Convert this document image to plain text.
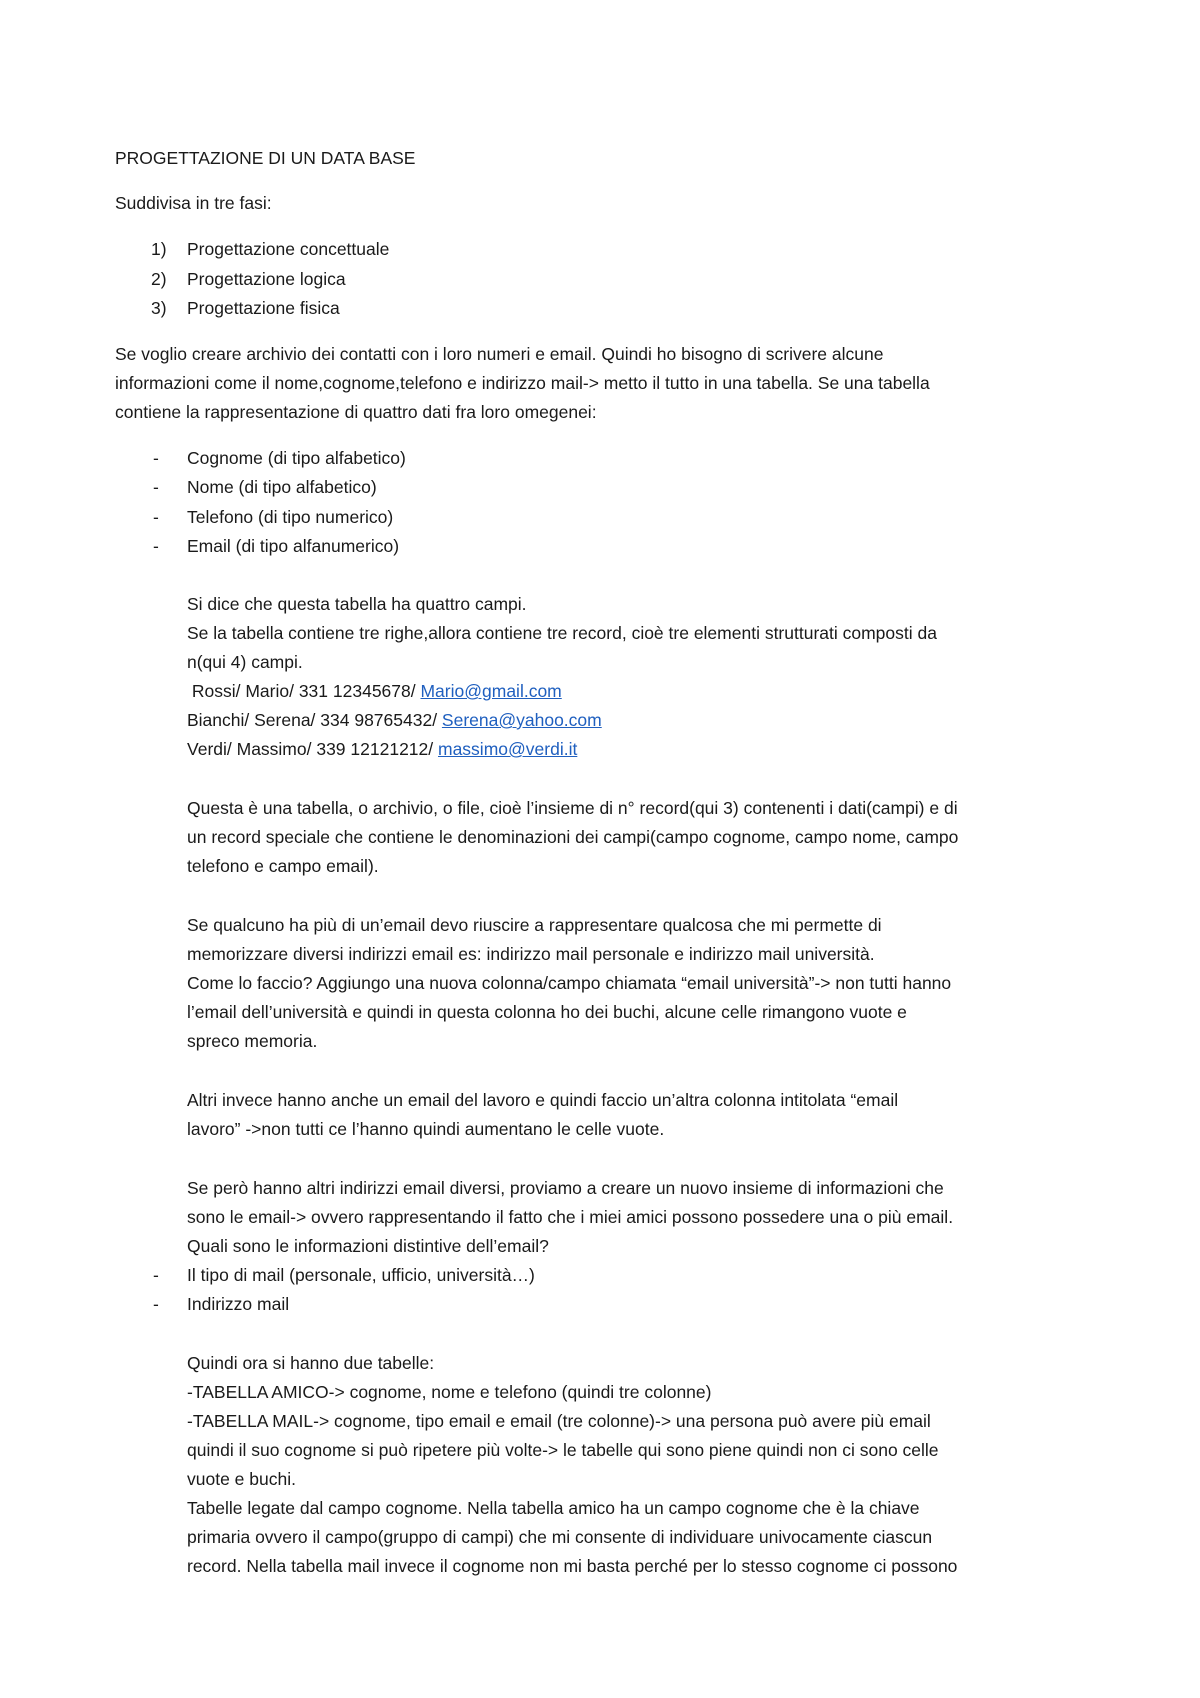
PROGETTAZIONE DI UN DATA BASE
Suddivisa in tre fasi:
1) Progettazione concettuale
2) Progettazione logica
3) Progettazione fisica
Se voglio creare archivio dei contatti con i loro numeri e email. Quindi ho bisogno di scrivere alcune
informazioni come il nome,cognome,telefono e indirizzo mail-> metto il tutto in una tabella. Se una tabella
contiene la rappresentazione di quattro dati fra loro omegenei:
- Cognome (di tipo alfabetico)
- Nome (di tipo alfabetico)
- Telefono (di tipo numerico)
- Email (di tipo alfanumerico)
Si dice che questa tabella ha quattro campi.
Se la tabella contiene tre righe,allora contiene tre record, cioè tre elementi strutturati composti da
n(qui 4) campi.
Rossi/ Mario/ 331 12345678/ Mario@gmail.com
Bianchi/ Serena/ 334 98765432/ Serena@yahoo.com
Verdi/ Massimo/ 339 12121212/ massimo@verdi.it
Questa è una tabella, o archivio, o file, cioè l’insieme di n° record(qui 3) contenenti i dati(campi) e di
un record speciale che contiene le denominazioni dei campi(campo cognome, campo nome, campo
telefono e campo email).
Se qualcuno ha più di un’email devo riuscire a rappresentare qualcosa che mi permette di
memorizzare diversi indirizzi email es: indirizzo mail personale e indirizzo mail università.
Come lo faccio? Aggiungo una nuova colonna/campo chiamata “email università”-> non tutti hanno
l’email dell’università e quindi in questa colonna ho dei buchi, alcune celle rimangono vuote e
spreco memoria.
Altri invece hanno anche un email del lavoro e quindi faccio un’altra colonna intitolata “email
lavoro” ->non tutti ce l’hanno quindi aumentano le celle vuote.
Se però hanno altri indirizzi email diversi, proviamo a creare un nuovo insieme di informazioni che
sono le email-> ovvero rappresentando il fatto che i miei amici possono possedere una o più email.
Quali sono le informazioni distintive dell’email?
- Il tipo di mail (personale, ufficio, università…)
- Indirizzo mail
Quindi ora si hanno due tabelle:
-TABELLA AMICO-> cognome, nome e telefono (quindi tre colonne)
-TABELLA MAIL-> cognome, tipo email e email (tre colonne)-> una persona può avere più email
quindi il suo cognome si può ripetere più volte-> le tabelle qui sono piene quindi non ci sono celle
vuote e buchi.
Tabelle legate dal campo cognome. Nella tabella amico ha un campo cognome che è la chiave
primaria ovvero il campo(gruppo di campi) che mi consente di individuare univocamente ciascun
record. Nella tabella mail invece il cognome non mi basta perché per lo stesso cognome ci possono
